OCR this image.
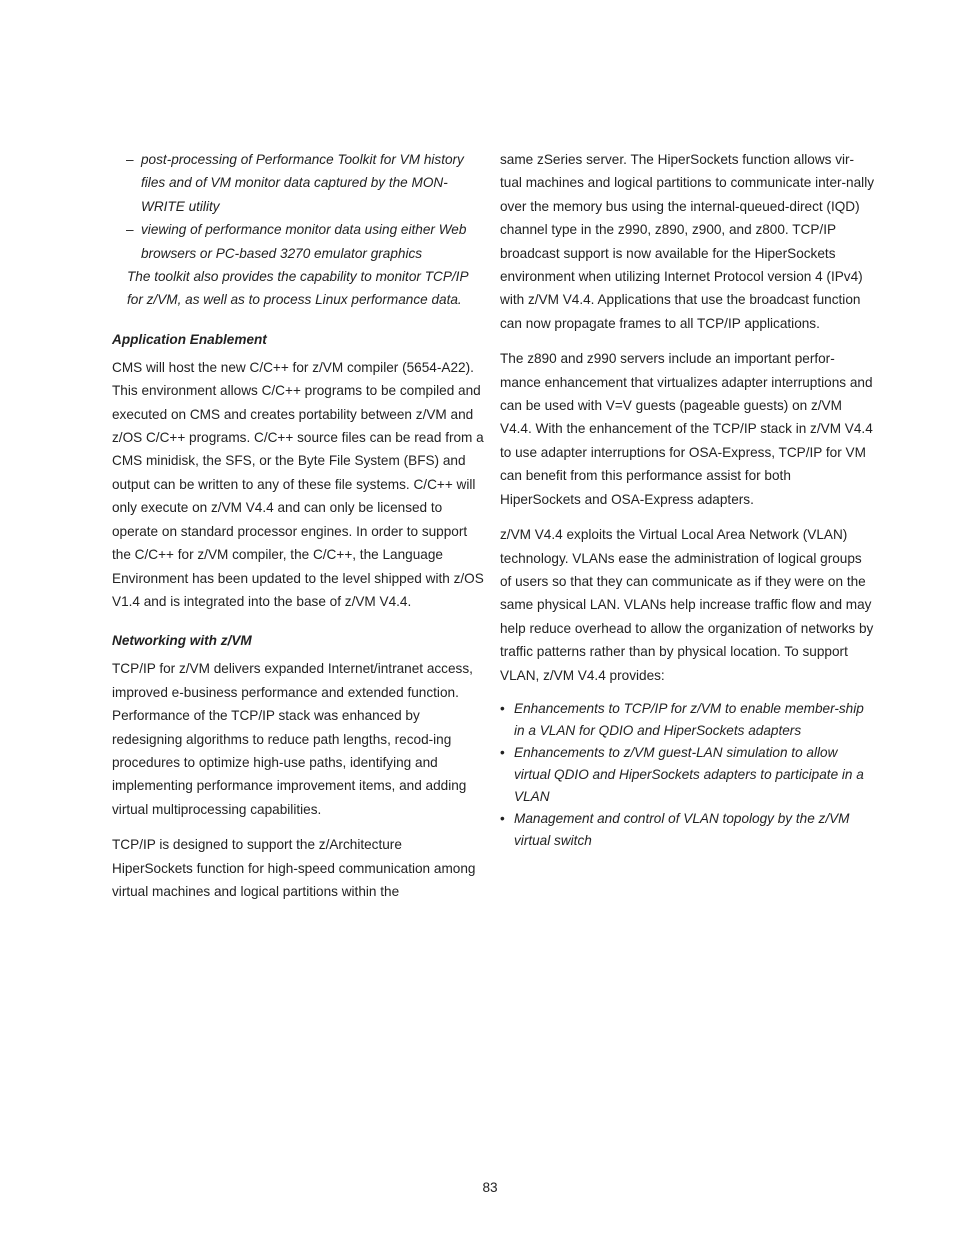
– post-processing of Performance Toolkit for VM history files and of VM monitor data captured by the MON-WRITE utility
– viewing of performance monitor data using either Web browsers or PC-based 3270 emulator graphics

The toolkit also provides the capability to monitor TCP/IP for z/VM, as well as to process Linux performance data.

Application Enablement

CMS will host the new C/C++ for z/VM compiler (5654-A22). This environment allows C/C++ programs to be compiled and executed on CMS and creates portability between z/VM and z/OS C/C++ programs. C/C++ source files can be read from a CMS minidisk, the SFS, or the Byte File System (BFS) and output can be written to any of these file systems. C/C++ will only execute on z/VM V4.4 and can only be licensed to operate on standard processor engines. In order to support the C/C++ for z/VM compiler, the C/C++, the Language Environment has been updated to the level shipped with z/OS V1.4 and is integrated into the base of z/VM V4.4.

Networking with z/VM

TCP/IP for z/VM delivers expanded Internet/intranet access, improved e-business performance and extended function. Performance of the TCP/IP stack was enhanced by redesigning algorithms to reduce path lengths, recod-ing procedures to optimize high-use paths, identifying and implementing performance improvement items, and adding virtual multiprocessing capabilities.

TCP/IP is designed to support the z/Architecture HiperSockets function for high-speed communication among virtual machines and logical partitions within the

same zSeries server. The HiperSockets function allows vir-tual machines and logical partitions to communicate inter-nally over the memory bus using the internal-queued-direct (IQD) channel type in the z990, z890, z900, and z800. TCP/IP broadcast support is now available for the HiperSockets environment when utilizing Internet Protocol version 4 (IPv4) with z/VM V4.4. Applications that use the broadcast function can now propagate frames to all TCP/IP applications.

The z890 and z990 servers include an important perfor-mance enhancement that virtualizes adapter interruptions and can be used with V=V guests (pageable guests) on z/VM V4.4. With the enhancement of the TCP/IP stack in z/VM V4.4 to use adapter interruptions for OSA-Express, TCP/IP for VM can benefit from this performance assist for both HiperSockets and OSA-Express adapters.

z/VM V4.4 exploits the Virtual Local Area Network (VLAN) technology. VLANs ease the administration of logical groups of users so that they can communicate as if they were on the same physical LAN. VLANs help increase traffic flow and may help reduce overhead to allow the organization of networks by traffic patterns rather than by physical location. To support VLAN, z/VM V4.4 provides:

• Enhancements to TCP/IP for z/VM to enable member-ship in a VLAN for QDIO and HiperSockets adapters
• Enhancements to z/VM guest-LAN simulation to allow virtual QDIO and HiperSockets adapters to participate in a VLAN
• Management and control of VLAN topology by the z/VM virtual switch
83
